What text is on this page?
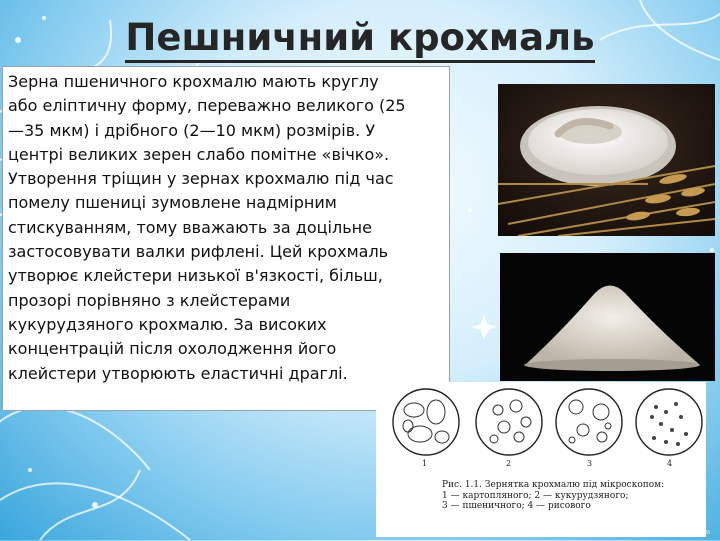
Пешничний крохмаль
Зерна пшеничного крохмалю мають круглу
або еліптичну форму, переважно великого (25
—35 мкм) і дрібного (2—10 мкм) розмірів. У
центрі великих зерен слабо помітне «вічко».
Утворення тріщин у зернах крохмалю під час
помелу пшениці зумовлене надмірним
стискуванням, тому вважають за доцільне
застосовувати валки рифлені. Цей крохмаль
утворює клейстери низької в'язкості, більш,
прозорі порівняно з клейстерами
кукурудзяного крохмалю. За високих
концентрацій після охолодження його
клейстери утворюють еластичні драглі.
1	2	3	4
Рис. 1.1. Зернятка крохмалю під мікроскопом:
1 — картопляного; 2 — кукурудзяного;
3 — пшеничного; 4 — рисового
© TemplatesWise.com
